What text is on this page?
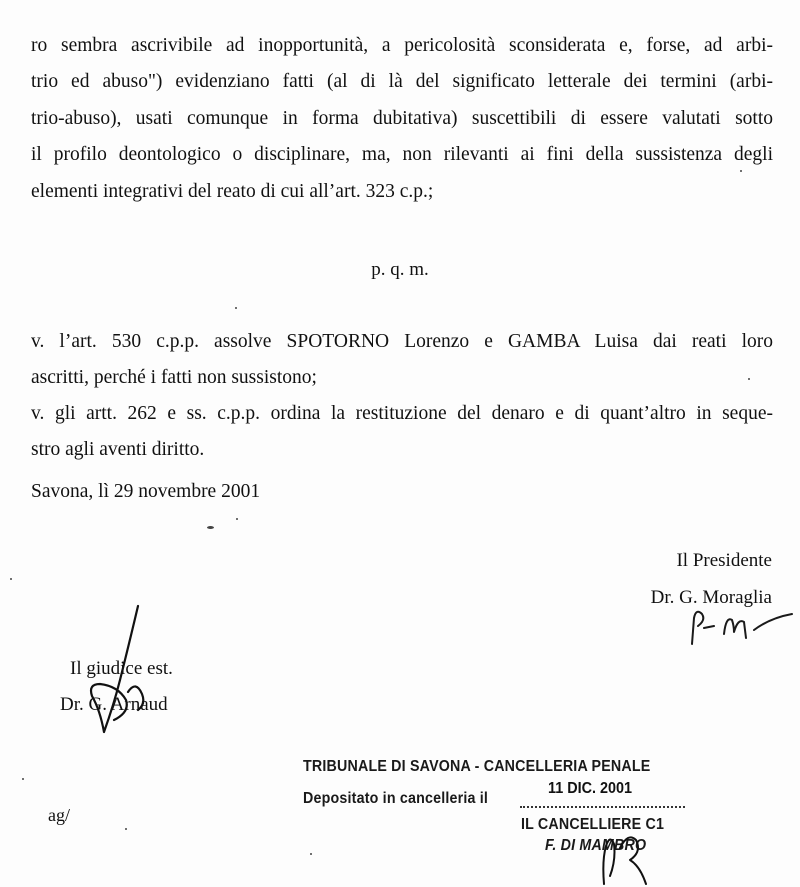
ro sembra ascrivibile ad inopportunità, a pericolosità sconsiderata e, forse, ad arbi-
trio ed abuso") evidenziano fatti (al di là del significato letterale dei termini (arbi-
trio-abuso), usati comunque in forma dubitativa) suscettibili di essere valutati sotto
il profilo deontologico o disciplinare, ma, non rilevanti ai fini della sussistenza degli
elementi integrativi del reato di cui all’art. 323 c.p.;
p. q. m.
v. l’art. 530 c.p.p. assolve SPOTORNO Lorenzo e GAMBA Luisa dai reati loro
ascritti, perché i fatti non sussistono;
v. gli artt. 262 e ss. c.p.p. ordina la restituzione del denaro e di quant’altro in seque-
stro agli aventi diritto.
Savona, lì 29 novembre 2001
Il Presidente
Dr. G. Moraglia
Il giudice est.
Dr. G. Arnaud
ag/
TRIBUNALE DI SAVONA - CANCELLERIA PENALE
Depositato in cancelleria il
11 DIC. 2001
IL CANCELLIERE C1
F. DI MAMBRO
